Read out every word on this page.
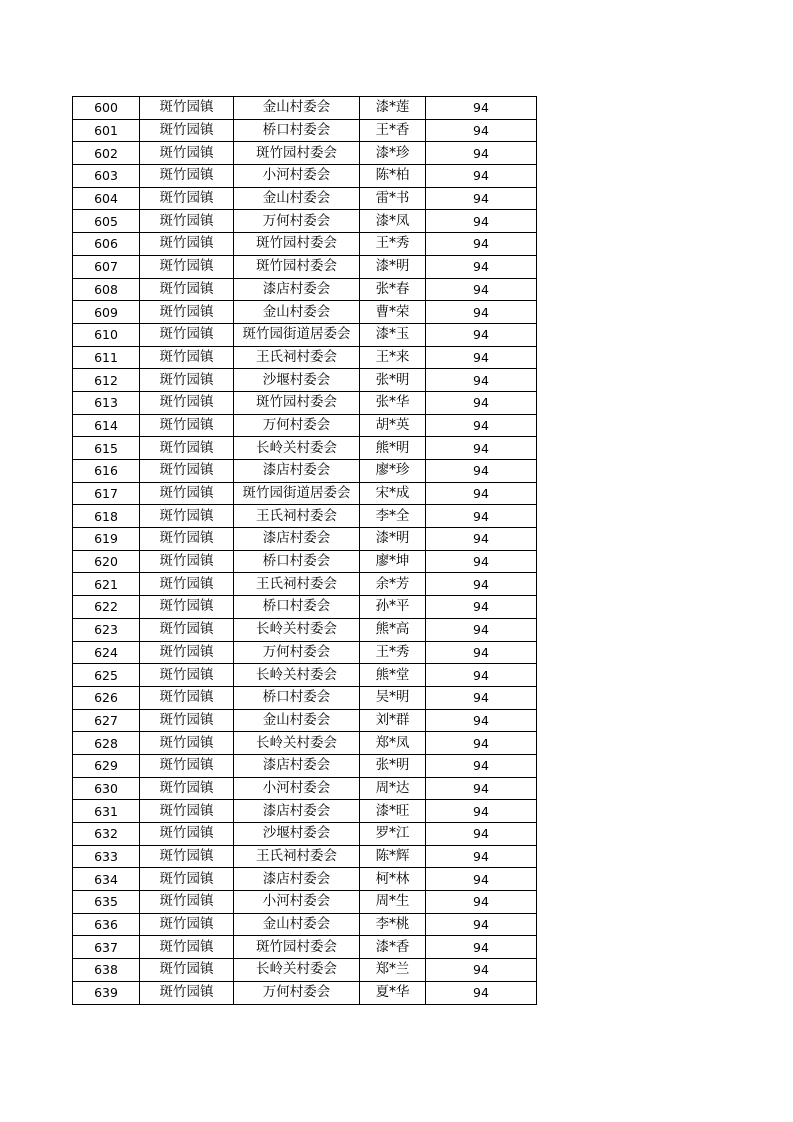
600	斑竹园镇	金山村委会	漆*莲	94
601	斑竹园镇	桥口村委会	王*香	94
602	斑竹园镇	斑竹园村委会	漆*珍	94
603	斑竹园镇	小河村委会	陈*柏	94
604	斑竹园镇	金山村委会	雷*书	94
605	斑竹园镇	万何村委会	漆*凤	94
606	斑竹园镇	斑竹园村委会	王*秀	94
607	斑竹园镇	斑竹园村委会	漆*明	94
608	斑竹园镇	漆店村委会	张*春	94
609	斑竹园镇	金山村委会	曹*荣	94
610	斑竹园镇	斑竹园街道居委会	漆*玉	94
611	斑竹园镇	王氏祠村委会	王*来	94
612	斑竹园镇	沙堰村委会	张*明	94
613	斑竹园镇	斑竹园村委会	张*华	94
614	斑竹园镇	万何村委会	胡*英	94
615	斑竹园镇	长岭关村委会	熊*明	94
616	斑竹园镇	漆店村委会	廖*珍	94
617	斑竹园镇	斑竹园街道居委会	宋*成	94
618	斑竹园镇	王氏祠村委会	李*全	94
619	斑竹园镇	漆店村委会	漆*明	94
620	斑竹园镇	桥口村委会	廖*坤	94
621	斑竹园镇	王氏祠村委会	余*芳	94
622	斑竹园镇	桥口村委会	孙*平	94
623	斑竹园镇	长岭关村委会	熊*高	94
624	斑竹园镇	万何村委会	王*秀	94
625	斑竹园镇	长岭关村委会	熊*堂	94
626	斑竹园镇	桥口村委会	吴*明	94
627	斑竹园镇	金山村委会	刘*群	94
628	斑竹园镇	长岭关村委会	郑*凤	94
629	斑竹园镇	漆店村委会	张*明	94
630	斑竹园镇	小河村委会	周*达	94
631	斑竹园镇	漆店村委会	漆*旺	94
632	斑竹园镇	沙堰村委会	罗*江	94
633	斑竹园镇	王氏祠村委会	陈*辉	94
634	斑竹园镇	漆店村委会	柯*林	94
635	斑竹园镇	小河村委会	周*生	94
636	斑竹园镇	金山村委会	李*桃	94
637	斑竹园镇	斑竹园村委会	漆*香	94
638	斑竹园镇	长岭关村委会	郑*兰	94
639	斑竹园镇	万何村委会	夏*华	94
